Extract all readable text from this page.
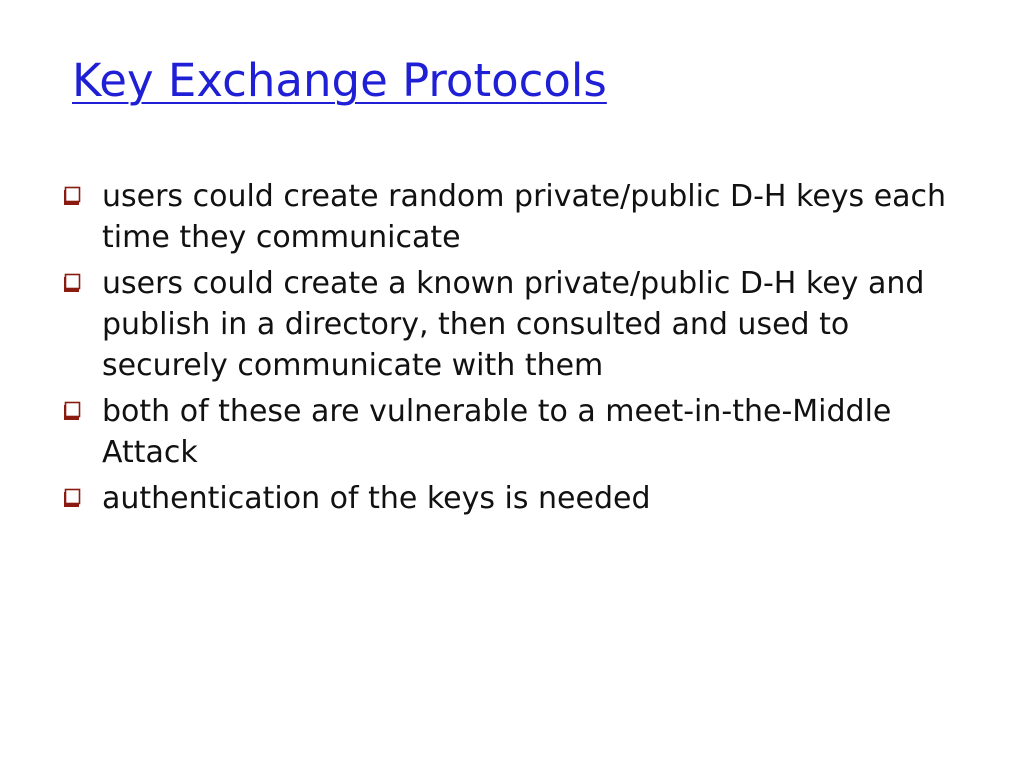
Key Exchange Protocols
users could create random private/public D-H keys each time they communicate
users could create a known private/public D-H key and publish in a directory, then consulted and used to securely communicate with them
both of these are vulnerable to a meet-in-the-Middle Attack
authentication of the keys is needed
